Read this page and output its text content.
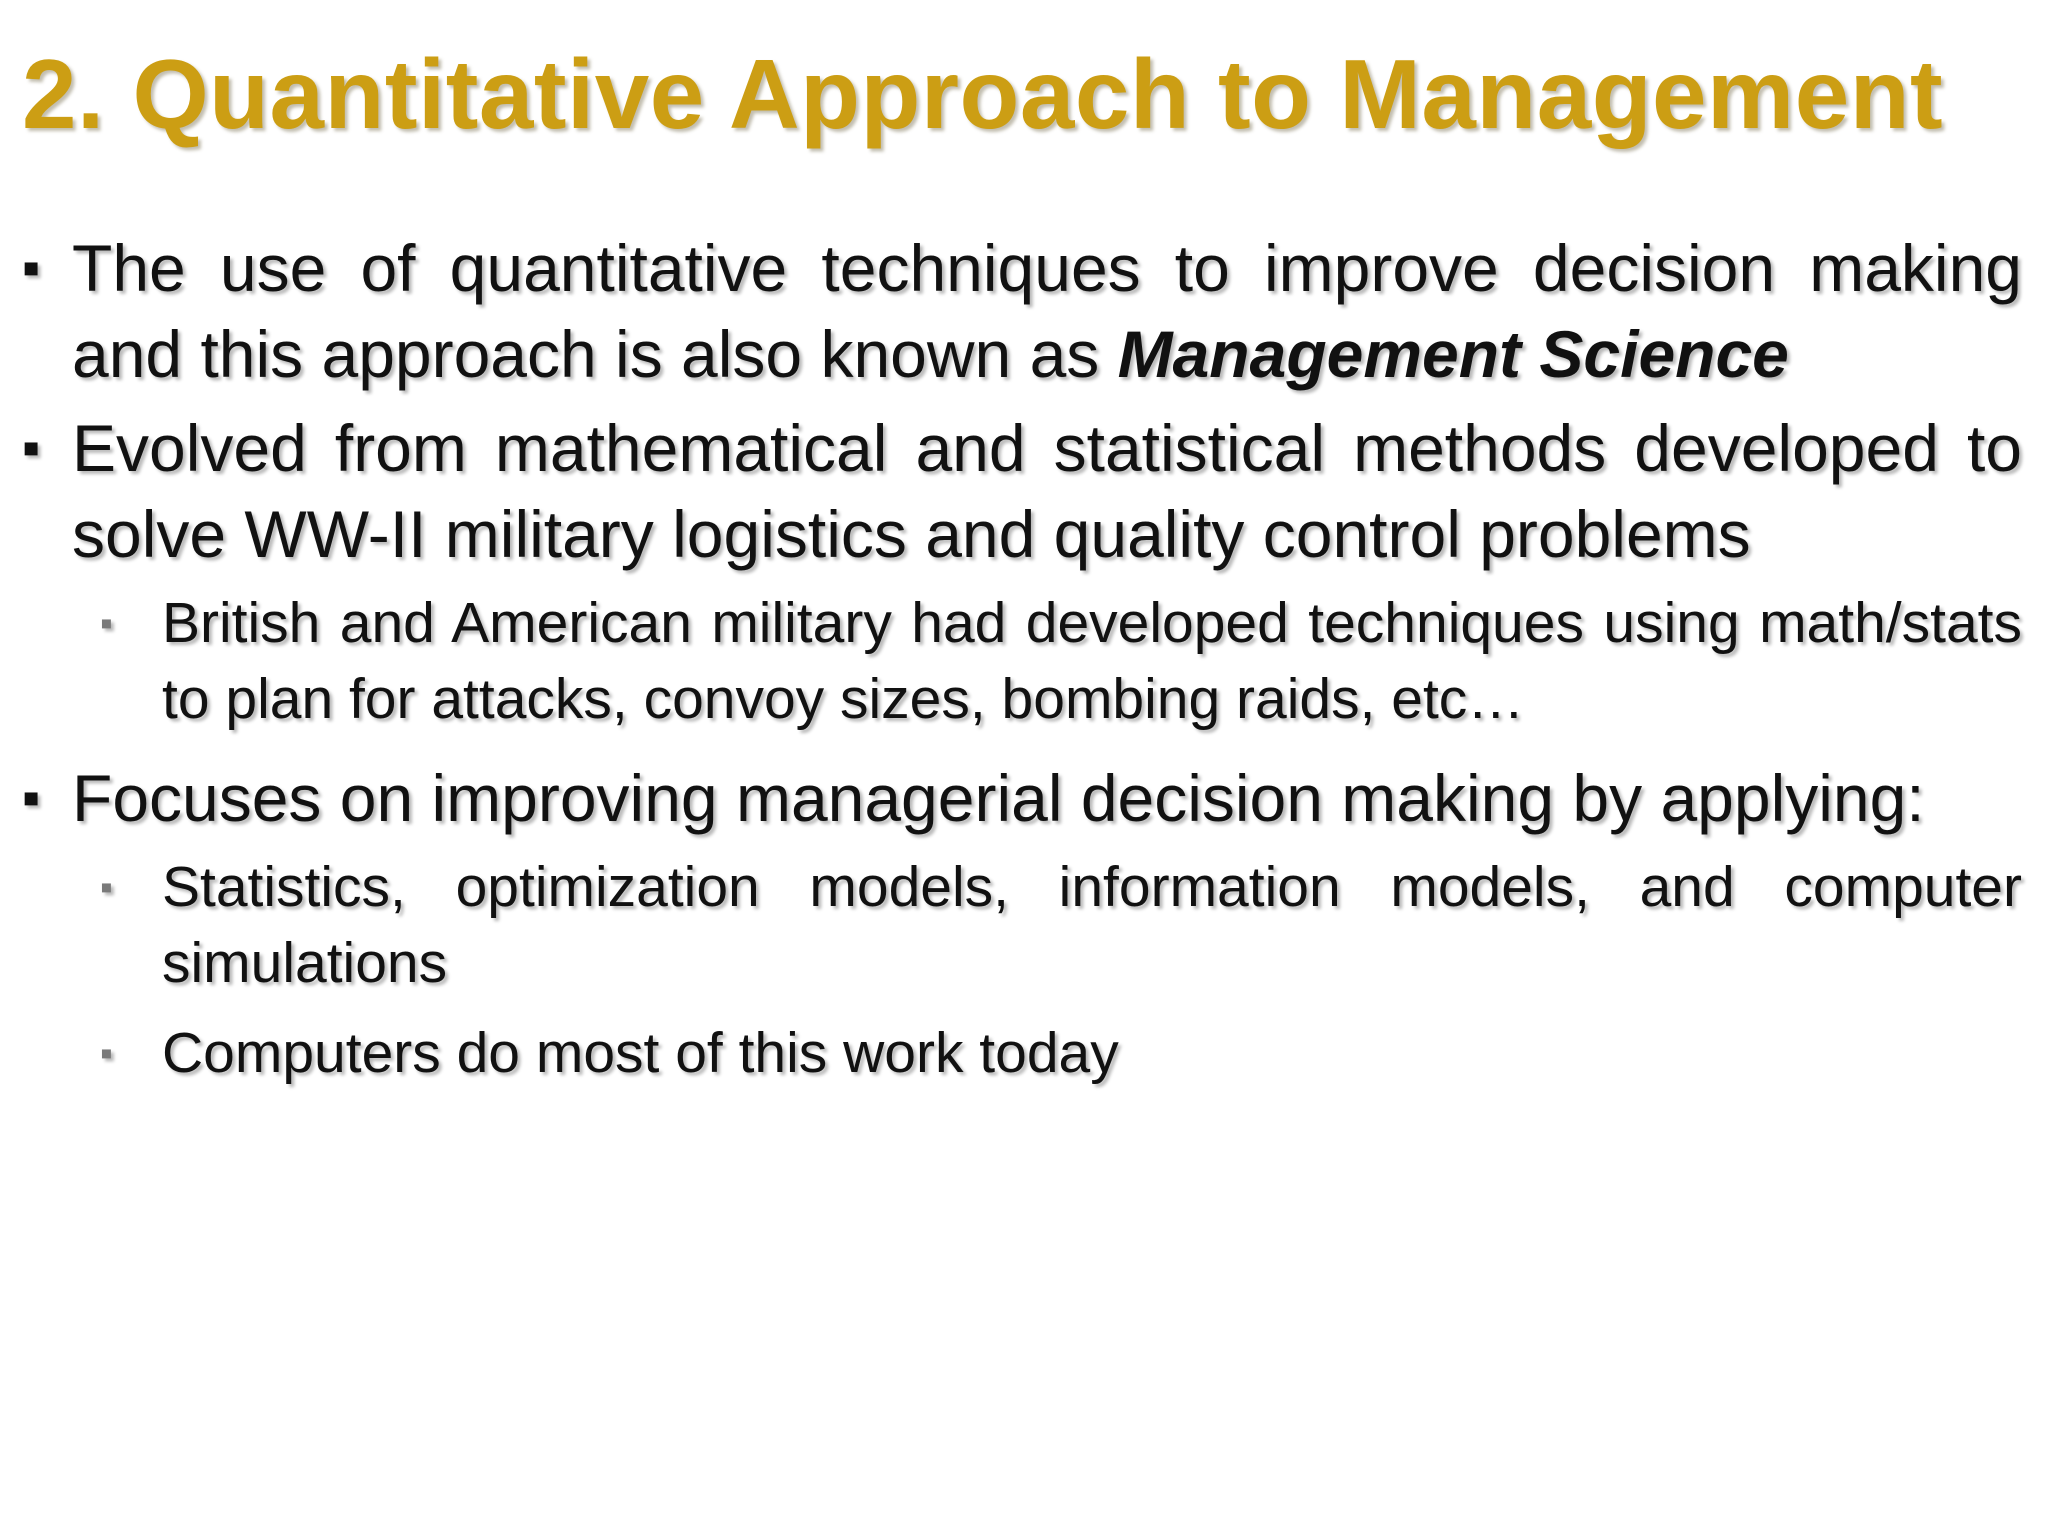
2. Quantitative Approach to Management
▪ The use of quantitative techniques to improve decision making and this approach is also known as Management Science
▪ Evolved from mathematical and statistical methods developed to solve WW-II military logistics and quality control problems
▪ British and American military had developed techniques using math/stats to plan for attacks, convoy sizes, bombing raids, etc…
▪ Focuses on improving managerial decision making by applying:
▪ Statistics, optimization models, information models, and computer simulations
▪ Computers do most of this work today
